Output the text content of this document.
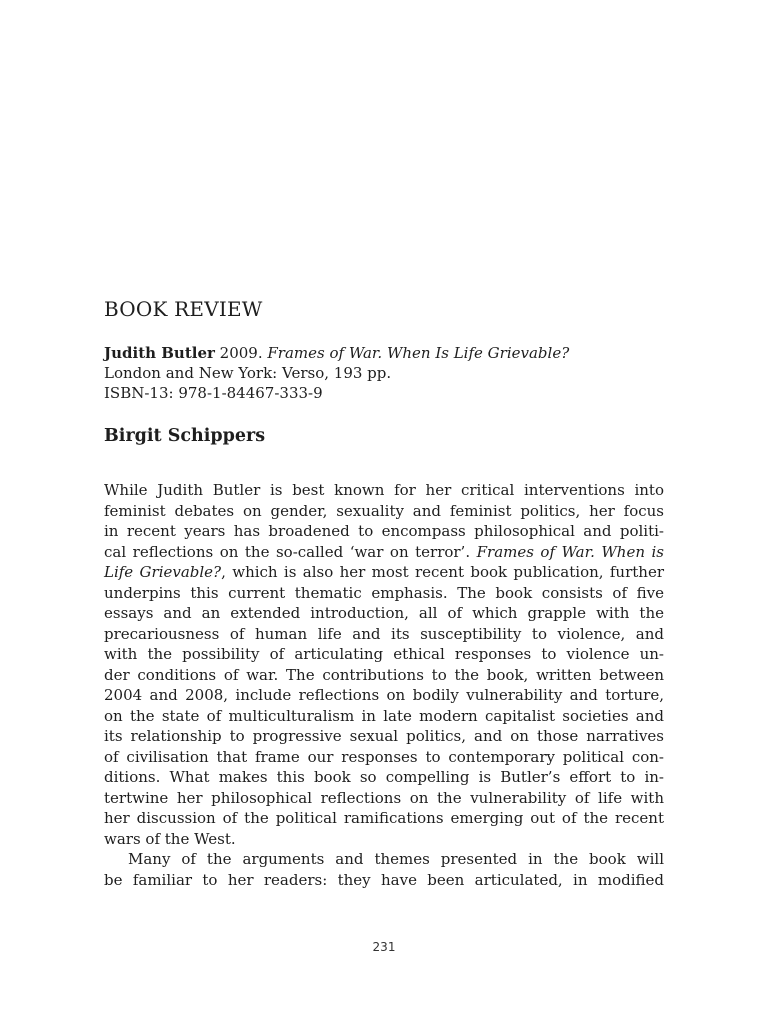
BOOK REVIEW
Judith Butler 2009. Frames of War. When Is Life Grievable?
London and New York: Verso, 193 pp.
ISBN-13: 978-1-84467-333-9
Birgit Schippers
While Judith Butler is best known for her critical interventions into
feminist debates on gender, sexuality and feminist politics, her focus
in recent years has broadened to encompass philosophical and politi-
cal reflections on the so-called ‘war on terror’. Frames of War. When is
Life Grievable?, which is also her most recent book publication, further
underpins this current thematic emphasis. The book consists of five
essays and an extended introduction, all of which grapple with the
precariousness of human life and its susceptibility to violence, and
with the possibility of articulating ethical responses to violence un-
der conditions of war. The contributions to the book, written between
2004 and 2008, include reflections on bodily vulnerability and torture,
on the state of multiculturalism in late modern capitalist societies and
its relationship to progressive sexual politics, and on those narratives
of civilisation that frame our responses to contemporary political con-
ditions. What makes this book so compelling is Butler’s effort to in-
tertwine her philosophical reflections on the vulnerability of life with
her discussion of the political ramifications emerging out of the recent
wars of the West.
Many of the arguments and themes presented in the book will
be familiar to her readers: they have been articulated, in modified
231
